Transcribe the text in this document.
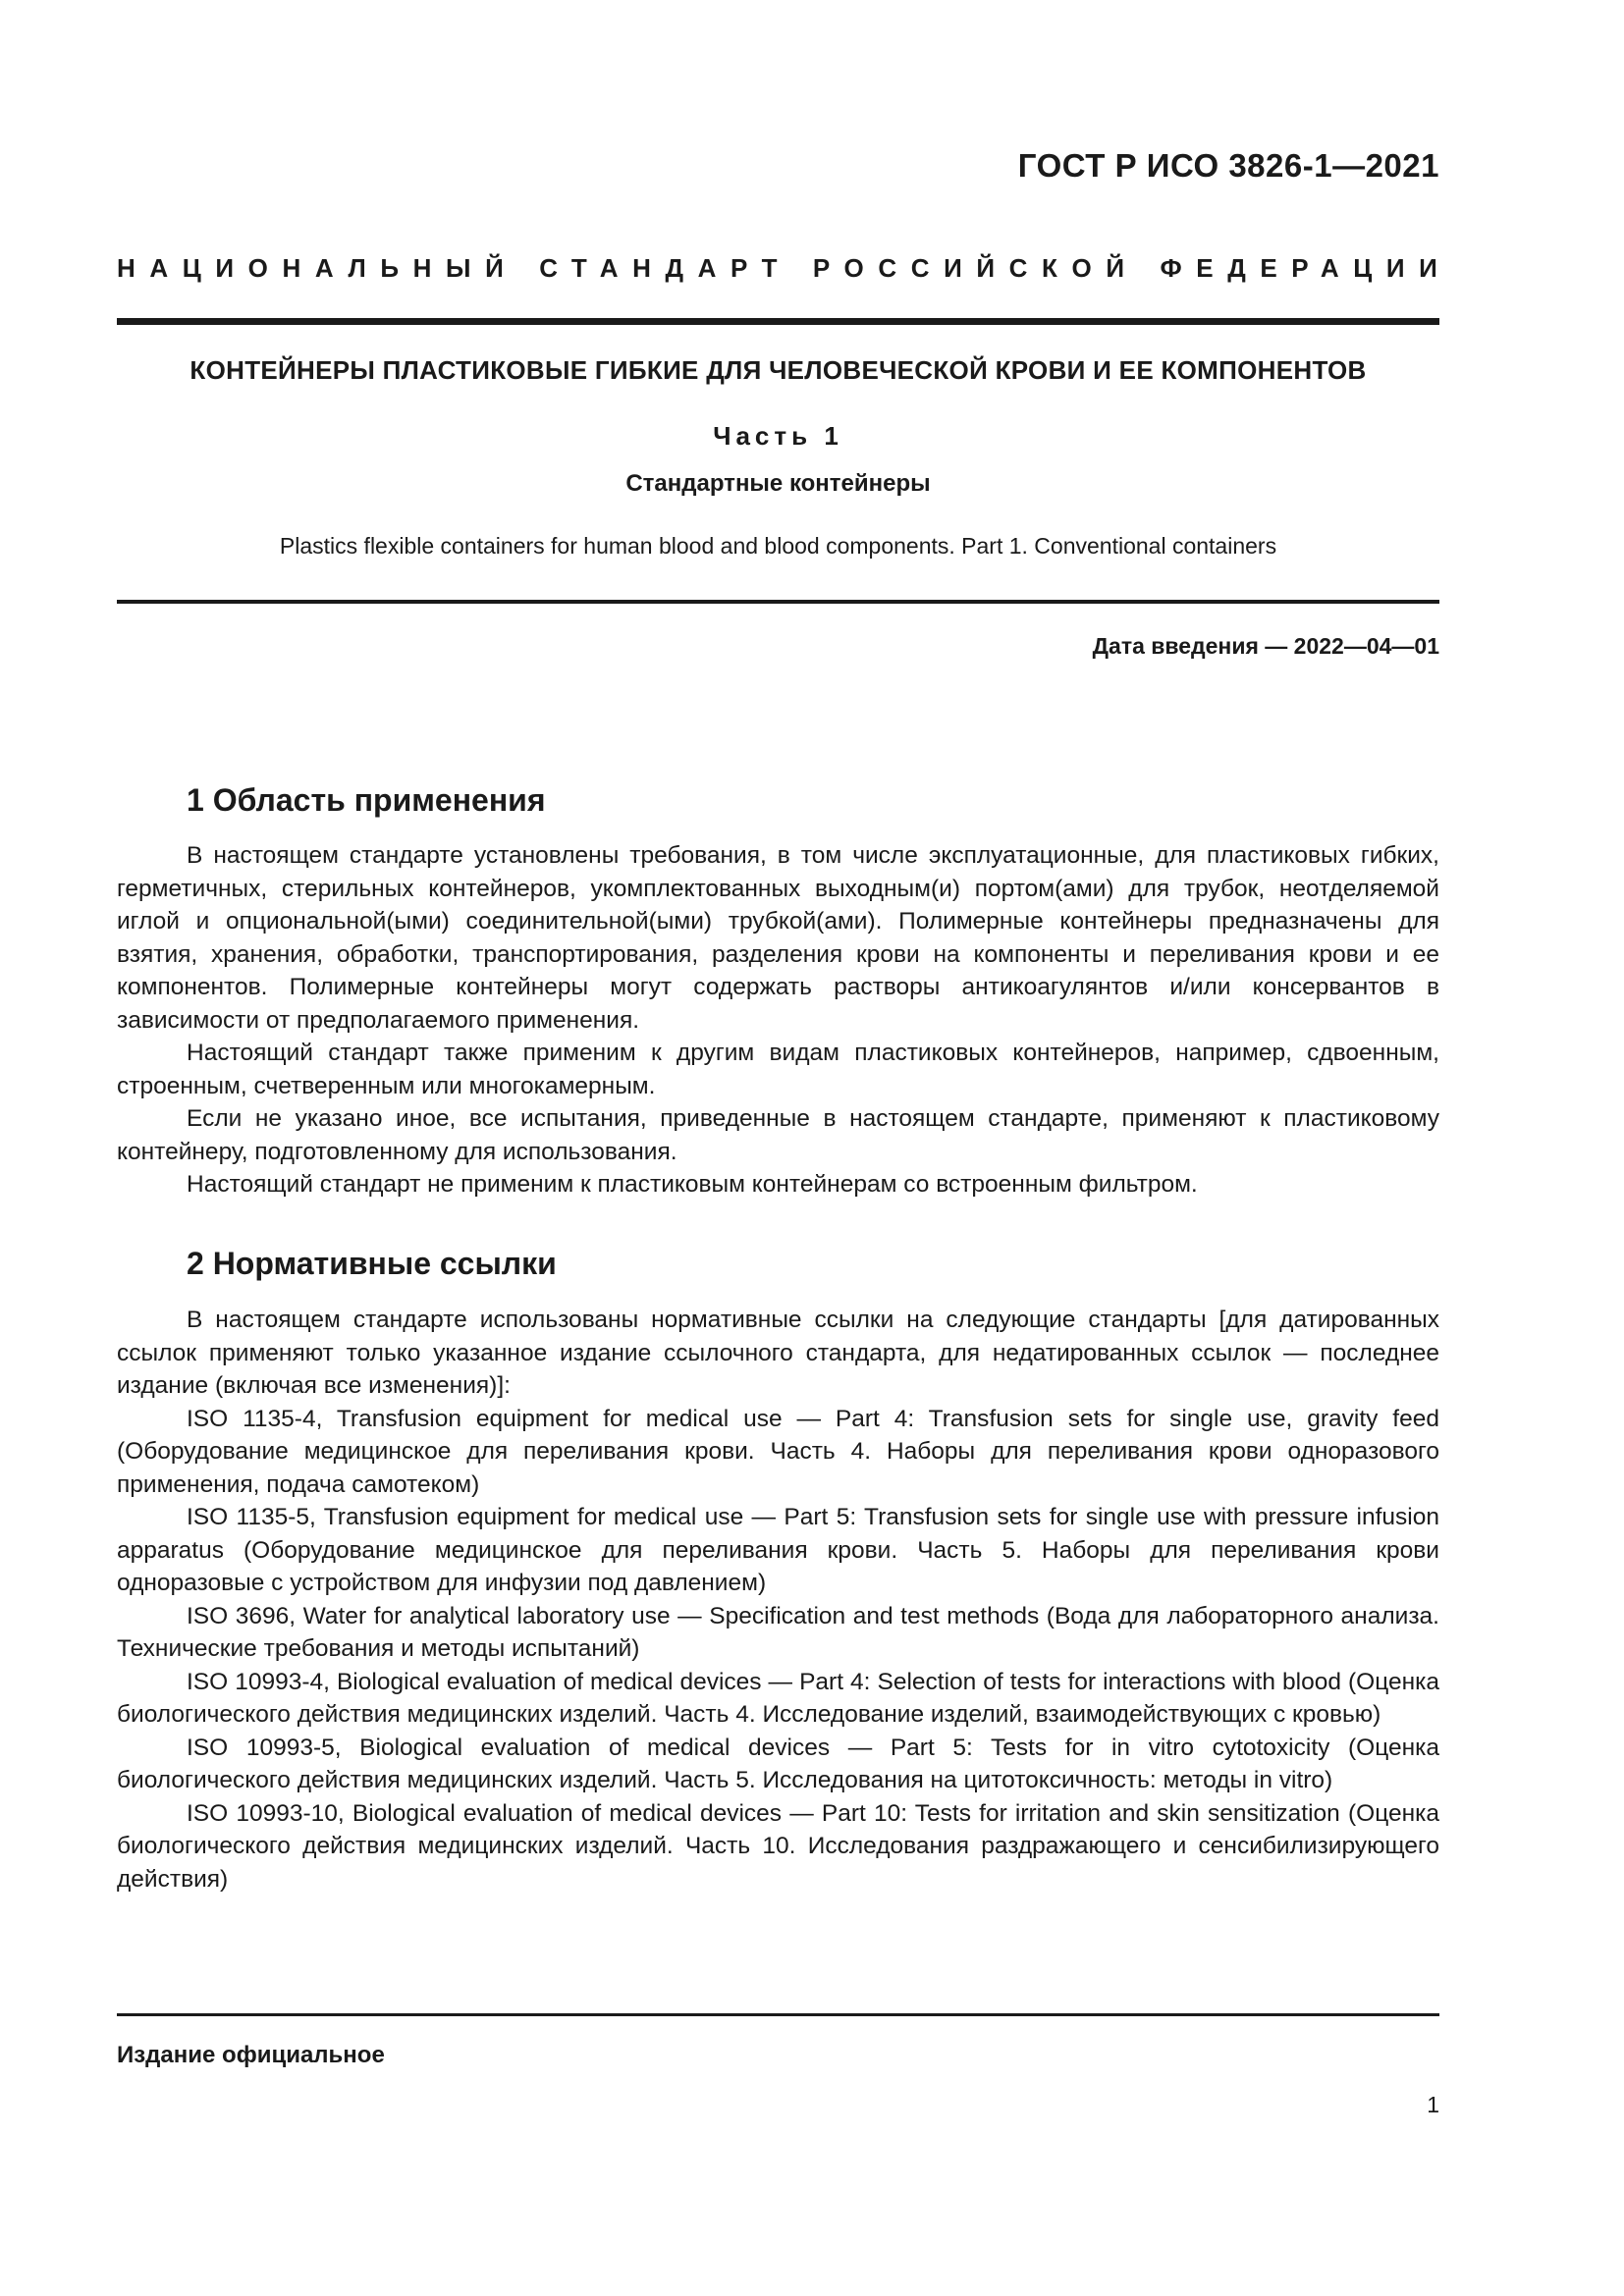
ГОСТ Р ИСО 3826-1—2021
НАЦИОНАЛЬНЫЙ СТАНДАРТ РОССИЙСКОЙ ФЕДЕРАЦИИ
КОНТЕЙНЕРЫ ПЛАСТИКОВЫЕ ГИБКИЕ ДЛЯ ЧЕЛОВЕЧЕСКОЙ КРОВИ И ЕЕ КОМПОНЕНТОВ
Часть 1
Стандартные контейнеры
Plastics flexible containers for human blood and blood components. Part 1. Conventional containers
Дата введения — 2022—04—01
1 Область применения

В настоящем стандарте установлены требования, в том числе эксплуатационные, для пластиковых гибких, герметичных, стерильных контейнеров, укомплектованных выходным(и) портом(ами) для трубок, неотделяемой иглой и опциональной(ыми) соединительной(ыми) трубкой(ами). Полимерные контейнеры предназначены для взятия, хранения, обработки, транспортирования, разделения крови на компоненты и переливания крови и ее компонентов. Полимерные контейнеры могут содержать растворы антикоагулянтов и/или консервантов в зависимости от предполагаемого применения.

Настоящий стандарт также применим к другим видам пластиковых контейнеров, например, сдвоенным, строенным, счетверенным или многокамерным.

Если не указано иное, все испытания, приведенные в настоящем стандарте, применяют к пластиковому контейнеру, подготовленному для использования.

Настоящий стандарт не применим к пластиковым контейнерам со встроенным фильтром.

2 Нормативные ссылки

В настоящем стандарте использованы нормативные ссылки на следующие стандарты [для датированных ссылок применяют только указанное издание ссылочного стандарта, для недатированных ссылок — последнее издание (включая все изменения)]:

ISO 1135-4, Transfusion equipment for medical use — Part 4: Transfusion sets for single use, gravity feed (Оборудование медицинское для переливания крови. Часть 4. Наборы для переливания крови одноразового применения, подача самотеком)

ISO 1135-5, Transfusion equipment for medical use — Part 5: Transfusion sets for single use with pressure infusion apparatus (Оборудование медицинское для переливания крови. Часть 5. Наборы для переливания крови одноразовые с устройством для инфузии под давлением)

ISO 3696, Water for analytical laboratory use — Specification and test methods (Вода для лабораторного анализа. Технические требования и методы испытаний)

ISO 10993-4, Biological evaluation of medical devices — Part 4: Selection of tests for interactions with blood (Оценка биологического действия медицинских изделий. Часть 4. Исследование изделий, взаимодействующих с кровью)

ISO 10993-5, Biological evaluation of medical devices — Part 5: Tests for in vitro cytotoxicity (Оценка биологического действия медицинских изделий. Часть 5. Исследования на цитотоксичность: методы in vitro)

ISO 10993-10, Biological evaluation of medical devices — Part 10: Tests for irritation and skin sensitization (Оценка биологического действия медицинских изделий. Часть 10. Исследования раздражающего и сенсибилизирующего действия)

Издание официальное
1
